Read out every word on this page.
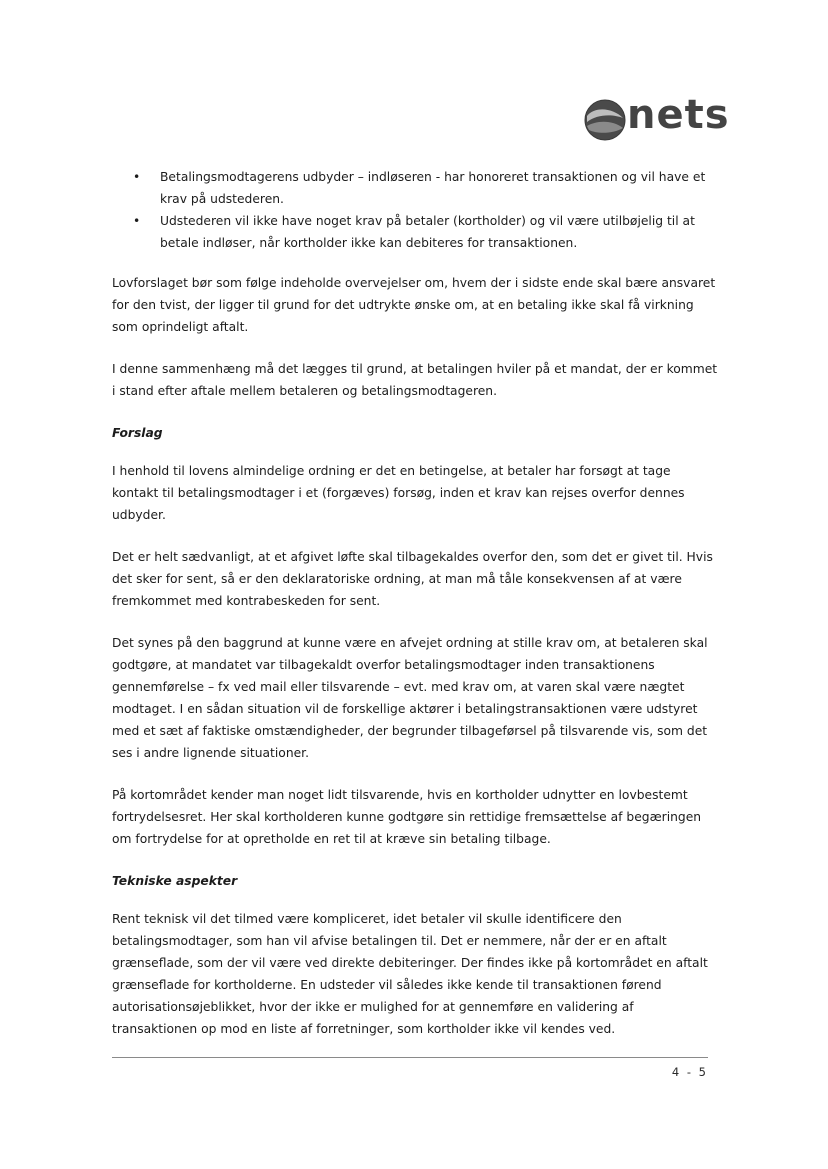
nets
• Betalingsmodtagerens udbyder – indløseren - har honoreret transaktionen og vil have et krav på udstederen.
• Udstederen vil ikke have noget krav på betaler (kortholder) og vil være utilbøjelig til at betale indløser, når kortholder ikke kan debiteres for transaktionen.

Lovforslaget bør som følge indeholde overvejelser om, hvem der i sidste ende skal bære ansvaret for den tvist, der ligger til grund for det udtrykte ønske om, at en betaling ikke skal få virkning som oprindeligt aftalt.

I denne sammenhæng må det lægges til grund, at betalingen hviler på et mandat, der er kommet i stand efter aftale mellem betaleren og betalingsmodtageren.

Forslag

I henhold til lovens almindelige ordning er det en betingelse, at betaler har forsøgt at tage kontakt til betalingsmodtager i et (forgæves) forsøg, inden et krav kan rejses overfor dennes udbyder.

Det er helt sædvanligt, at et afgivet løfte skal tilbagekaldes overfor den, som det er givet til. Hvis det sker for sent, så er den deklaratoriske ordning, at man må tåle konsekvensen af at være fremkommet med kontrabeskeden for sent.

Det synes på den baggrund at kunne være en afvejet ordning at stille krav om, at betaleren skal godtgøre, at mandatet var tilbagekaldt overfor betalingsmodtager inden transaktionens gennemførelse – fx ved mail eller tilsvarende – evt. med krav om, at varen skal være nægtet modtaget. I en sådan situation vil de forskellige aktører i betalingstransaktionen være udstyret med et sæt af faktiske omstændigheder, der begrunder tilbageførsel på tilsvarende vis, som det ses i andre lignende situationer.

På kortområdet kender man noget lidt tilsvarende, hvis en kortholder udnytter en lovbestemt fortrydelsesret. Her skal kortholderen kunne godtgøre sin rettidige fremsættelse af begæringen om fortrydelse for at opretholde en ret til at kræve sin betaling tilbage.

Tekniske aspekter

Rent teknisk vil det tilmed være kompliceret, idet betaler vil skulle identificere den betalingsmodtager, som han vil afvise betalingen til. Det er nemmere, når der er en aftalt grænseflade, som der vil være ved direkte debiteringer. Der findes ikke på kortområdet en aftalt grænseflade for kortholderne. En udsteder vil således ikke kende til transaktionen førend autorisationsøjeblikket, hvor der ikke er mulighed for at gennemføre en validering af transaktionen op mod en liste af forretninger, som kortholder ikke vil kendes ved.

4 - 5
